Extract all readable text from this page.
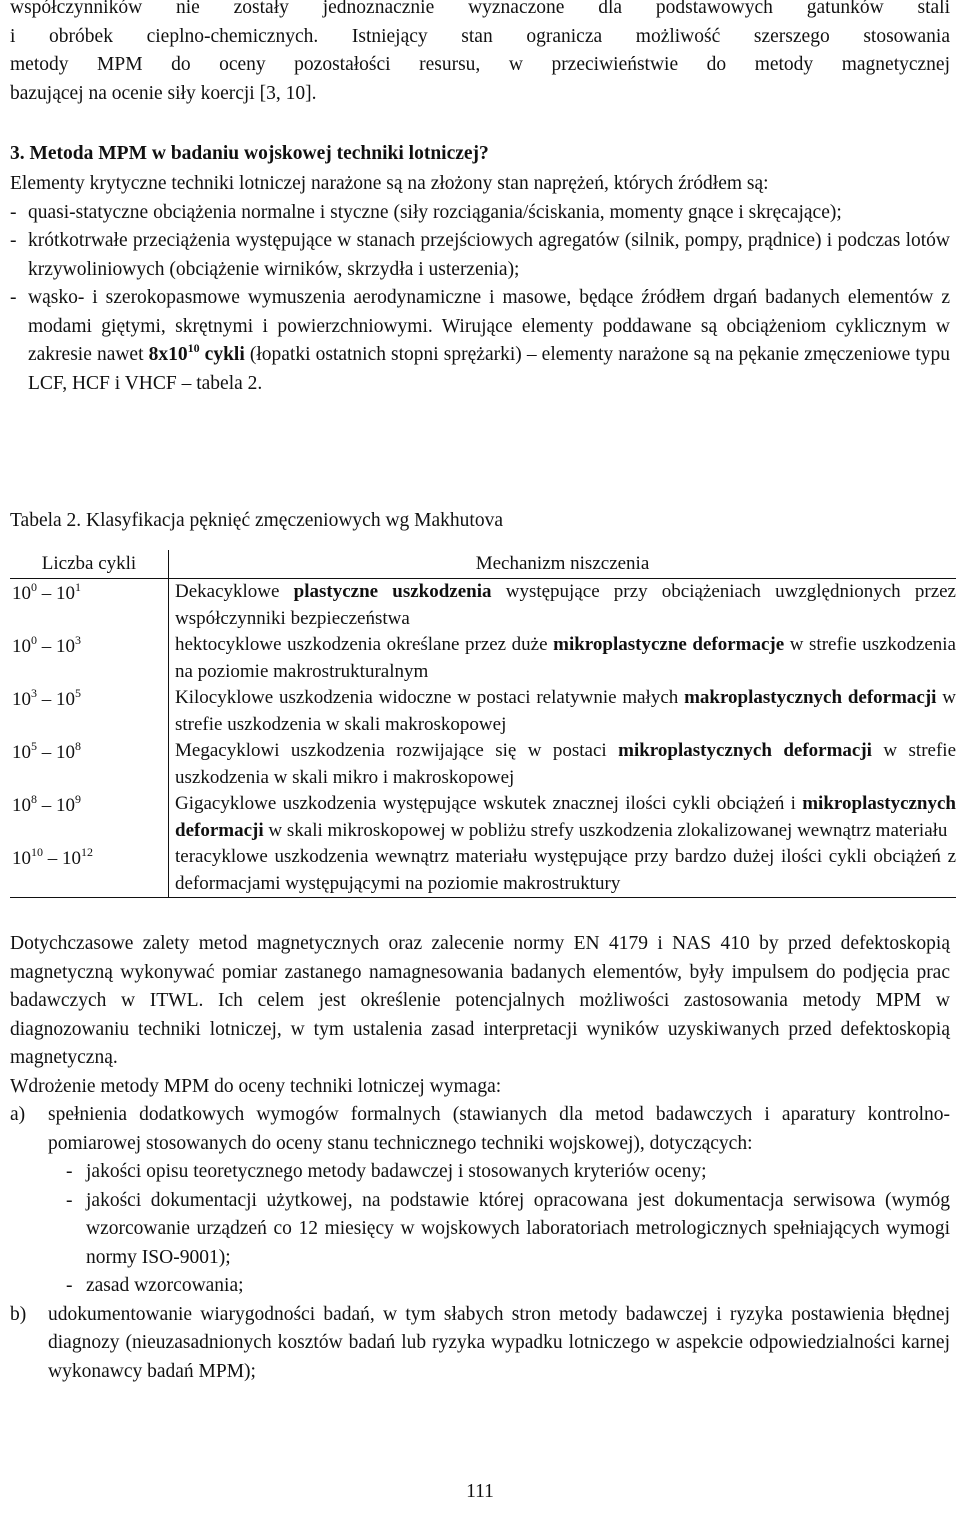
współczynników nie zostały jednoznacznie wyznaczone dla podstawowych gatunków stali

i obróbek cieplno-chemicznych. Istniejący stan ogranicza możliwość szerszego stosowania

metody MPM do oceny pozostałości resursu, w przeciwieństwie do metody magnetycznej

bazującej na ocenie siły koercji [3, 10].

3. Metoda MPM w badaniu wojskowej techniki lotniczej?

Elementy krytyczne techniki lotniczej narażone są na złożony stan naprężeń, których źródłem są:

- quasi-statyczne obciążenia normalne i styczne (siły rozciągania/ściskania, momenty gnące i skręcające);
- krótkotrwałe przeciążenia występujące w stanach przejściowych agregatów (silnik, pompy, prądnice) i podczas lotów krzywoliniowych (obciążenie wirników, skrzydła i usterzenia);
- wąsko- i szerokopasmowe wymuszenia aerodynamiczne i masowe, będące źródłem drgań badanych elementów z modami giętymi, skrętnymi i powierzchniowymi. Wirujące elementy poddawane są obciążeniom cyklicznym w zakresie nawet $8x10^{10}$ cykli (łopatki ostatnich stopni sprężarki) – elementy narażone są na pękanie zmęczeniowe typu LCF, HCF i VHCF – tabela 2.
Tabela 2. Klasyfikacja pęknięć zmęczeniowych wg Makhutova
Liczba cykli	Mechanizm niszczenia
$10^0 - 10^1$	Dekacyklowe plastyczne uszkodzenia występujące przy obciążeniach uwzględnionych przez współczynniki bezpieczeństwa
$10^0 - 10^3$	hektocyklowe uszkodzenia określane przez duże mikroplastyczne deformacje w strefie uszkodzenia na poziomie makrostrukturalnym
$10^3 - 10^5$	Kilocyklowe uszkodzenia widoczne w postaci relatywnie małych makroplastycznych deformacji w strefie uszkodzenia w skali makroskopowej
$10^5 - 10^8$	Megacyklowi uszkodzenia rozwijające się w postaci mikroplastycznych deformacji w strefie uszkodzenia w skali mikro i makroskopowej
$10^8 - 10^9$	Gigacyklowe uszkodzenia występujące wskutek znacznej ilości cykli obciążeń i mikroplastycznych deformacji w skali mikroskopowej w pobliżu strefy uszkodzenia zlokalizowanej wewnątrz materiału
$10^{10} - 10^{12}$	teracyklowe uszkodzenia wewnątrz materiału występujące przy bardzo dużej ilości cykli obciążeń z deformacjami występującymi na poziomie makrostruktury

Dotychczasowe zalety metod magnetycznych oraz zalecenie normy EN 4179 i NAS 410 by przed defektoskopią magnetyczną wykonywać pomiar zastanego namagnesowania badanych elementów, były impulsem do podjęcia prac badawczych w ITWL. Ich celem jest określenie potencjalnych możliwości zastosowania metody MPM w diagnozowaniu techniki lotniczej, w tym ustalenia zasad interpretacji wyników uzyskiwanych przed defektoskopią magnetyczną.

Wdrożenie metody MPM do oceny techniki lotniczej wymaga:

a)	spełnienia dodatkowych wymogów formalnych (stawianych dla metod badawczych i aparatury kontrolno-pomiarowej stosowanych do oceny stanu technicznego techniki wojskowej), dotyczących:
- jakości opisu teoretycznego metody badawczej i stosowanych kryteriów oceny;
- jakości dokumentacji użytkowej, na podstawie której opracowana jest dokumentacja serwisowa (wymóg wzorcowanie urządzeń co 12 miesięcy w wojskowych laboratoriach metrologicznych spełniających wymogi normy ISO-9001);
- zasad wzorcowania;
b)	udokumentowanie wiarygodności badań, w tym słabych stron metody badawczej i ryzyka postawienia błędnej diagnozy (nieuzasadnionych kosztów badań lub ryzyka wypadku lotniczego w aspekcie odpowiedzialności karnej wykonawcy badań MPM);
111
